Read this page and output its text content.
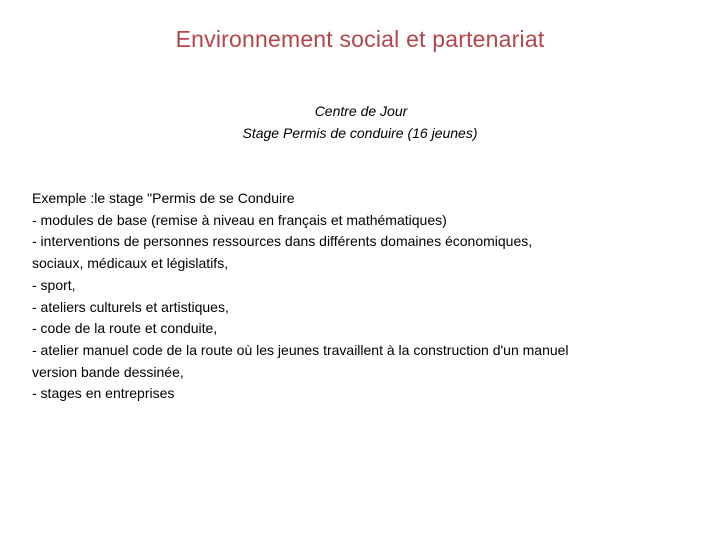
Environnement social et partenariat
Centre de Jour
Stage Permis de conduire (16 jeunes)
Exemple :le stage "Permis de se Conduire
- modules de base (remise à niveau en français et mathématiques)
- interventions de personnes ressources dans différents domaines économiques,
sociaux, médicaux et législatifs,
- sport,
- ateliers culturels et artistiques,
- code de la route et conduite,
- atelier manuel code de la route où les jeunes travaillent à la construction d'un manuel
version bande dessinée,
- stages en entreprises
